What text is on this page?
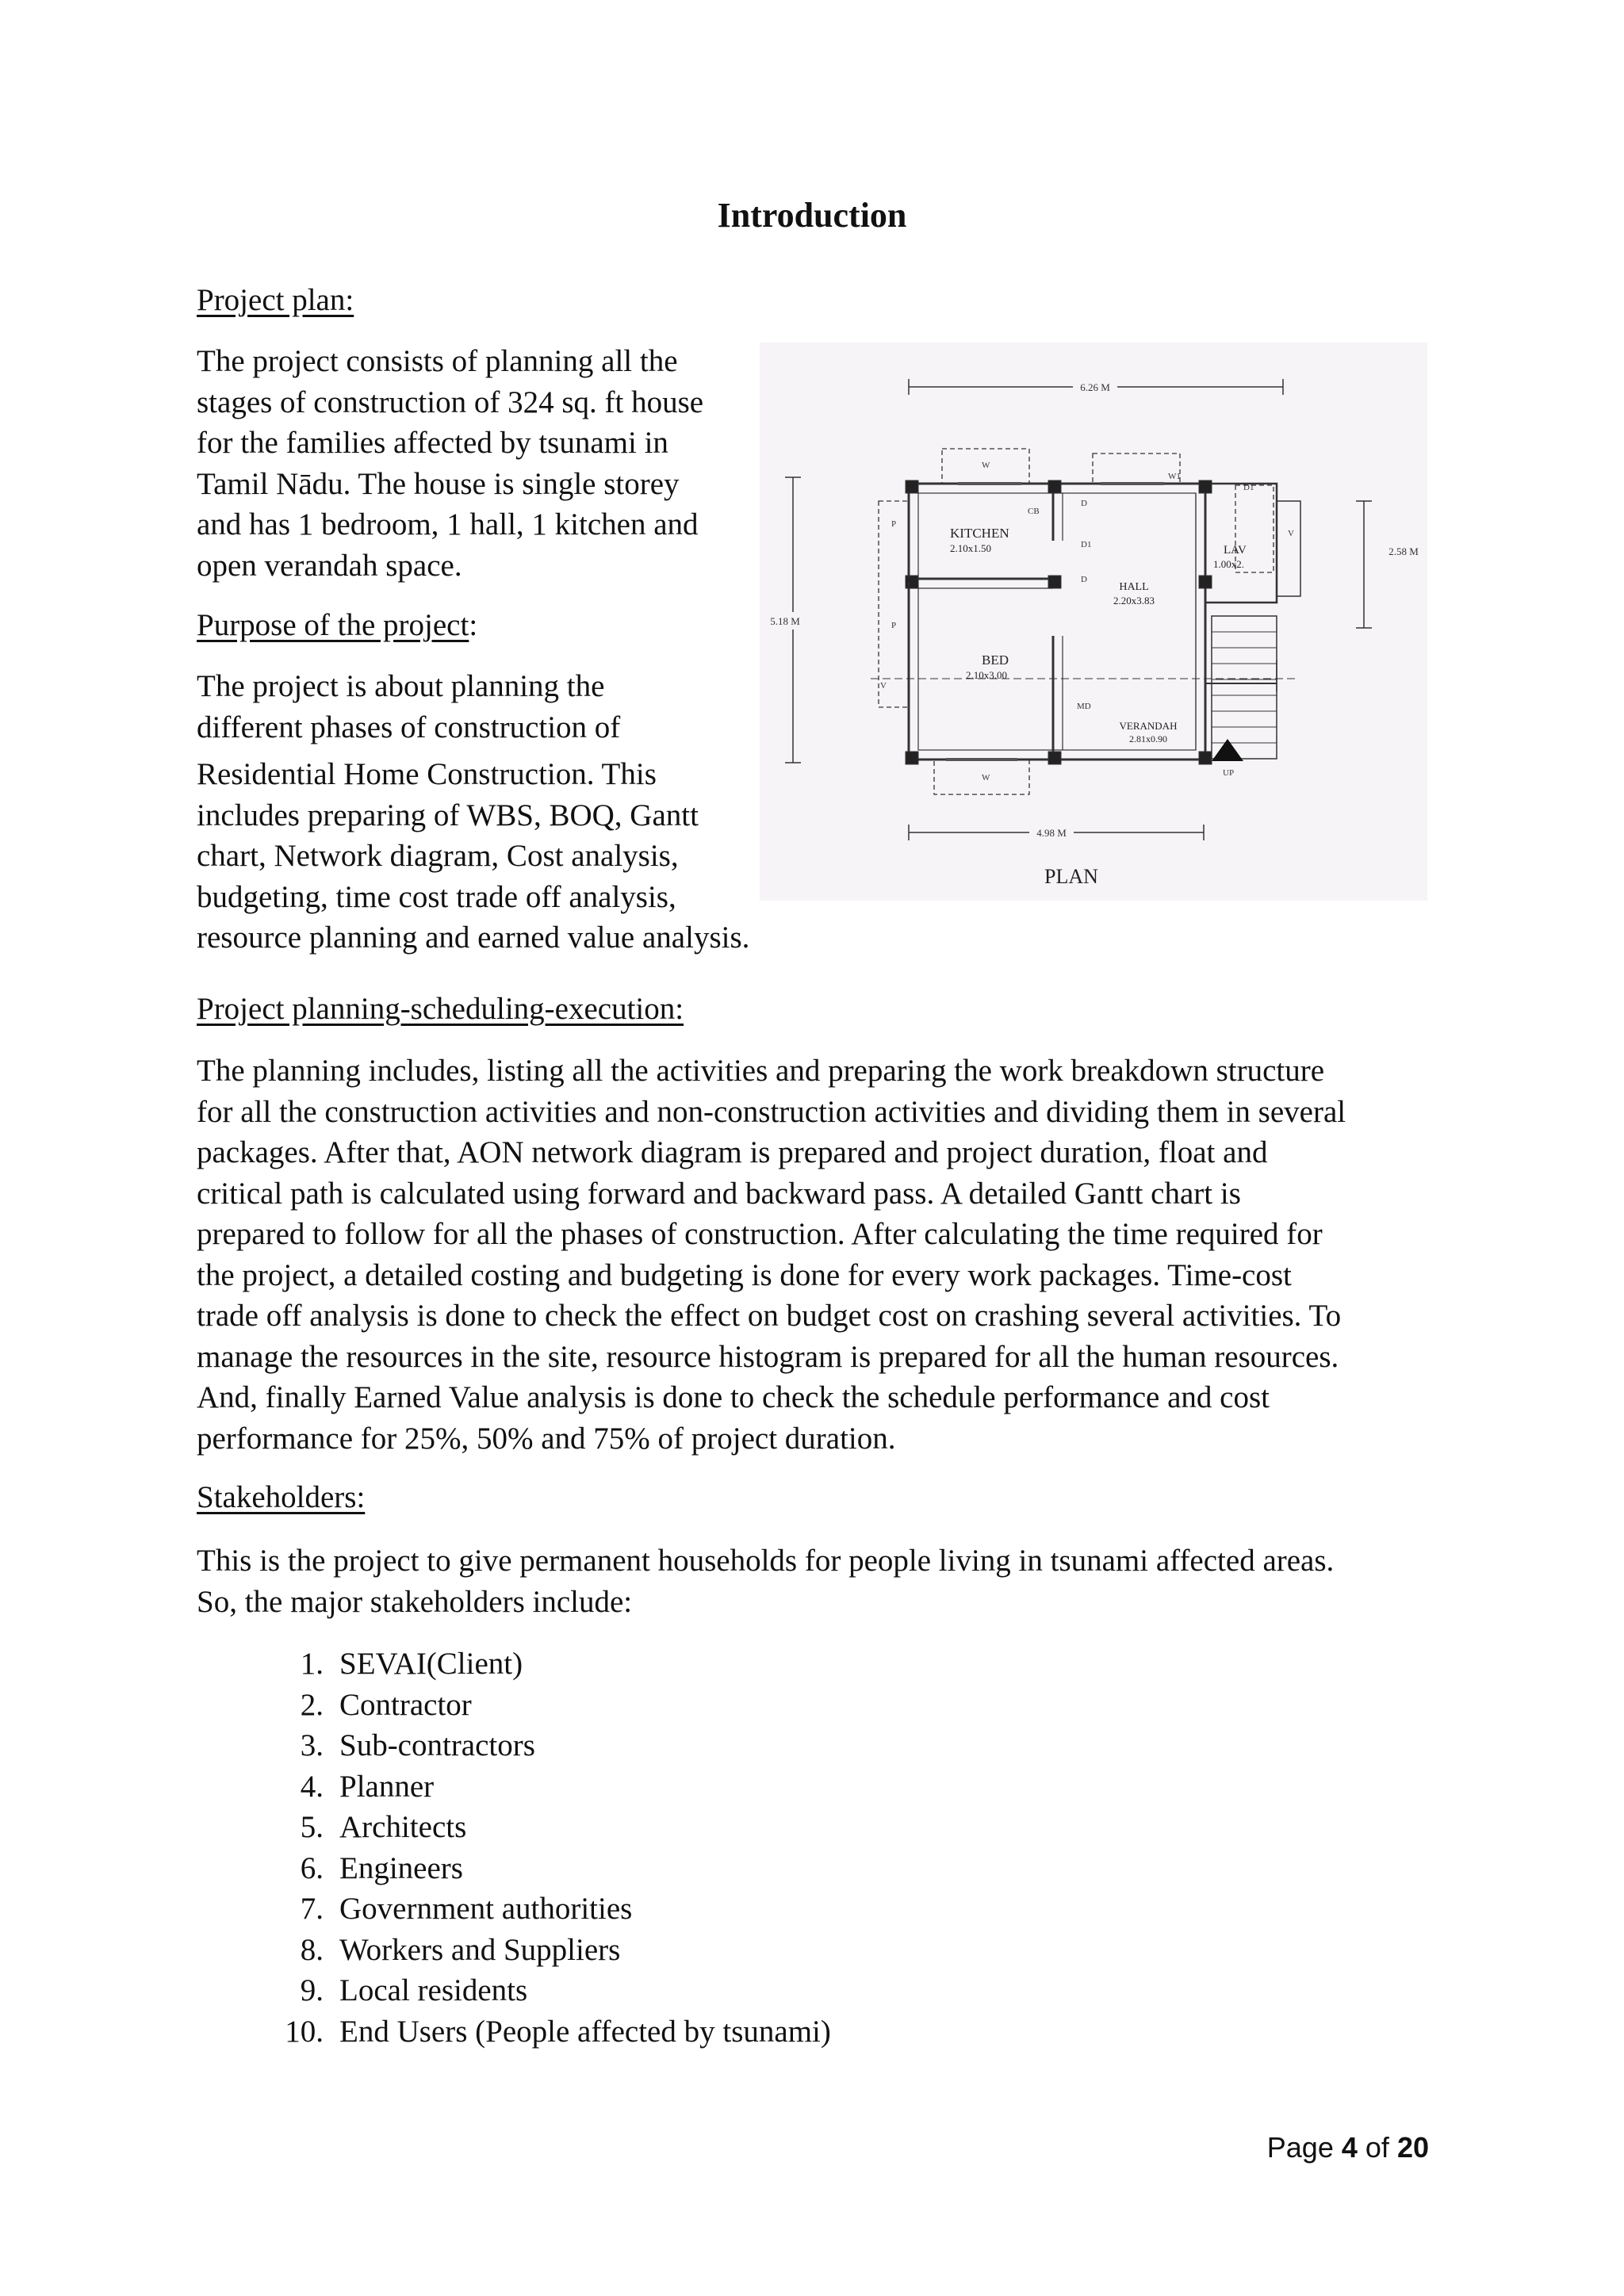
Introduction
Project plan:

The project consists of planning all the
stages of construction of 324 sq. ft house
for the families affected by tsunami in
Tamil Nādu. The house is single storey
and has 1 bedroom, 1 hall, 1 kitchen and
open verandah space.

Purpose of the project:

The project is about planning the
different phases of construction of
Residential Home Construction. This
includes preparing of WBS, BOQ, Gantt
chart, Network diagram, Cost analysis,
budgeting, time cost trade off analysis,
resource planning and earned value analysis.

6.26 M
5.18 M
2.58 M
4.98 M
KITCHEN
2.10x1.50
HALL
2.20x3.83
BED
2.10x3.00
LAV
1.00x2.
VERANDAH
2.81x0.90
W
W
W1
D
D
D1
D1
CB
MD
UP
V
V
P
P
PLAN
Project planning-scheduling-execution:

The planning includes, listing all the activities and preparing the work breakdown structure
for all the construction activities and non-construction activities and dividing them in several
packages. After that, AON network diagram is prepared and project duration, float and
critical path is calculated using forward and backward pass. A detailed Gantt chart is
prepared to follow for all the phases of construction. After calculating the time required for
the project, a detailed costing and budgeting is done for every work packages. Time-cost
trade off analysis is done to check the effect on budget cost on crashing several activities. To
manage the resources in the site, resource histogram is prepared for all the human resources.
And, finally Earned Value analysis is done to check the schedule performance and cost
performance for 25%, 50% and 75% of project duration.

Stakeholders:

This is the project to give permanent households for people living in tsunami affected areas.
So, the major stakeholders include:

1. SEVAI(Client)
2. Contractor
3. Sub-contractors
4. Planner
5. Architects
6. Engineers
7. Government authorities
8. Workers and Suppliers
9. Local residents
10. End Users (People affected by tsunami)
Page 4 of 20
